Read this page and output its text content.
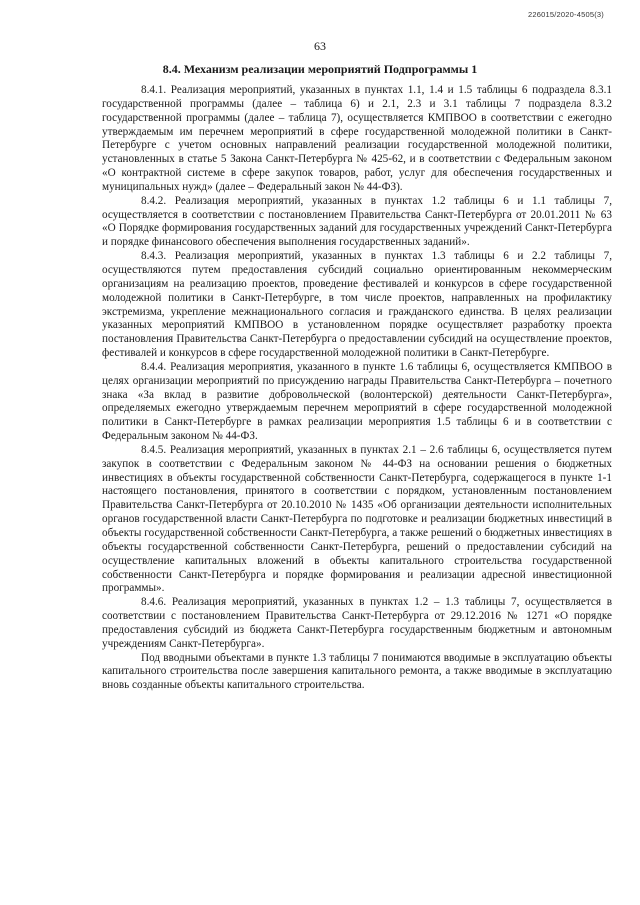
226015/2020-4505(3)
63
8.4. Механизм реализации мероприятий Подпрограммы 1

8.4.1. Реализация мероприятий, указанных в пунктах 1.1, 1.4 и 1.5 таблицы 6 подраздела 8.3.1 государственной программы (далее – таблица 6) и 2.1, 2.3 и 3.1 таблицы 7 подраздела 8.3.2 государственной программы (далее – таблица 7), осуществляется КМПВОО в соответствии с ежегодно утверждаемым им перечнем мероприятий в сфере государственной молодежной политики в Санкт-Петербурге с учетом основных направлений реализации государственной молодежной политики, установленных в статье 5 Закона Санкт-Петербурга № 425-62, и в соответствии с Федеральным законом «О контрактной системе в сфере закупок товаров, работ, услуг для обеспечения государственных и муниципальных нужд» (далее – Федеральный закон № 44-ФЗ).

8.4.2. Реализация мероприятий, указанных в пунктах 1.2 таблицы 6 и 1.1 таблицы 7, осуществляется в соответствии с постановлением Правительства Санкт-Петербурга от 20.01.2011 № 63 «О Порядке формирования государственных заданий для государственных учреждений Санкт-Петербурга и порядке финансового обеспечения выполнения государственных заданий».

8.4.3. Реализация мероприятий, указанных в пунктах 1.3 таблицы 6 и 2.2 таблицы 7, осуществляются путем предоставления субсидий социально ориентированным некоммерческим организациям на реализацию проектов, проведение фестивалей и конкурсов в сфере государственной молодежной политики в Санкт-Петербурге, в том числе проектов, направленных на профилактику экстремизма, укрепление межнационального согласия и гражданского единства. В целях реализации указанных мероприятий КМПВОО в установленном порядке осуществляет разработку проекта постановления Правительства Санкт-Петербурга о предоставлении субсидий на осуществление проектов, фестивалей и конкурсов в сфере государственной молодежной политики в Санкт-Петербурге.

8.4.4. Реализация мероприятия, указанного в пункте 1.6 таблицы 6, осуществляется КМПВОО в целях организации мероприятий по присуждению награды Правительства Санкт-Петербурга – почетного знака «За вклад в развитие добровольческой (волонтерской) деятельности Санкт-Петербурга», определяемых ежегодно утверждаемым перечнем мероприятий в сфере государственной молодежной политики в Санкт-Петербурге в рамках реализации мероприятия 1.5 таблицы 6 и в соответствии с Федеральным законом № 44-ФЗ.

8.4.5. Реализация мероприятий, указанных в пунктах 2.1 – 2.6 таблицы 6, осуществляется путем закупок в соответствии с Федеральным законом № 44-ФЗ на основании решения о бюджетных инвестициях в объекты государственной собственности Санкт-Петербурга, содержащегося в пункте 1-1 настоящего постановления, принятого в соответствии с порядком, установленным постановлением Правительства Санкт-Петербурга от 20.10.2010 № 1435 «Об организации деятельности исполнительных органов государственной власти Санкт-Петербурга по подготовке и реализации бюджетных инвестиций в объекты государственной собственности Санкт-Петербурга, а также решений о бюджетных инвестициях в объекты государственной собственности Санкт-Петербурга, решений о предоставлении субсидий на осуществление капитальных вложений в объекты капитального строительства государственной собственности Санкт-Петербурга и порядке формирования и реализации адресной инвестиционной программы».

8.4.6. Реализация мероприятий, указанных в пунктах 1.2 – 1.3 таблицы 7, осуществляется в соответствии с постановлением Правительства Санкт-Петербурга от 29.12.2016 № 1271 «О порядке предоставления субсидий из бюджета Санкт-Петербурга государственным бюджетным и автономным учреждениям Санкт-Петербурга».

Под вводными объектами в пункте 1.3 таблицы 7 понимаются вводимые в эксплуатацию объекты капитального строительства после завершения капитального ремонта, а также вводимые в эксплуатацию вновь созданные объекты капитального строительства.
